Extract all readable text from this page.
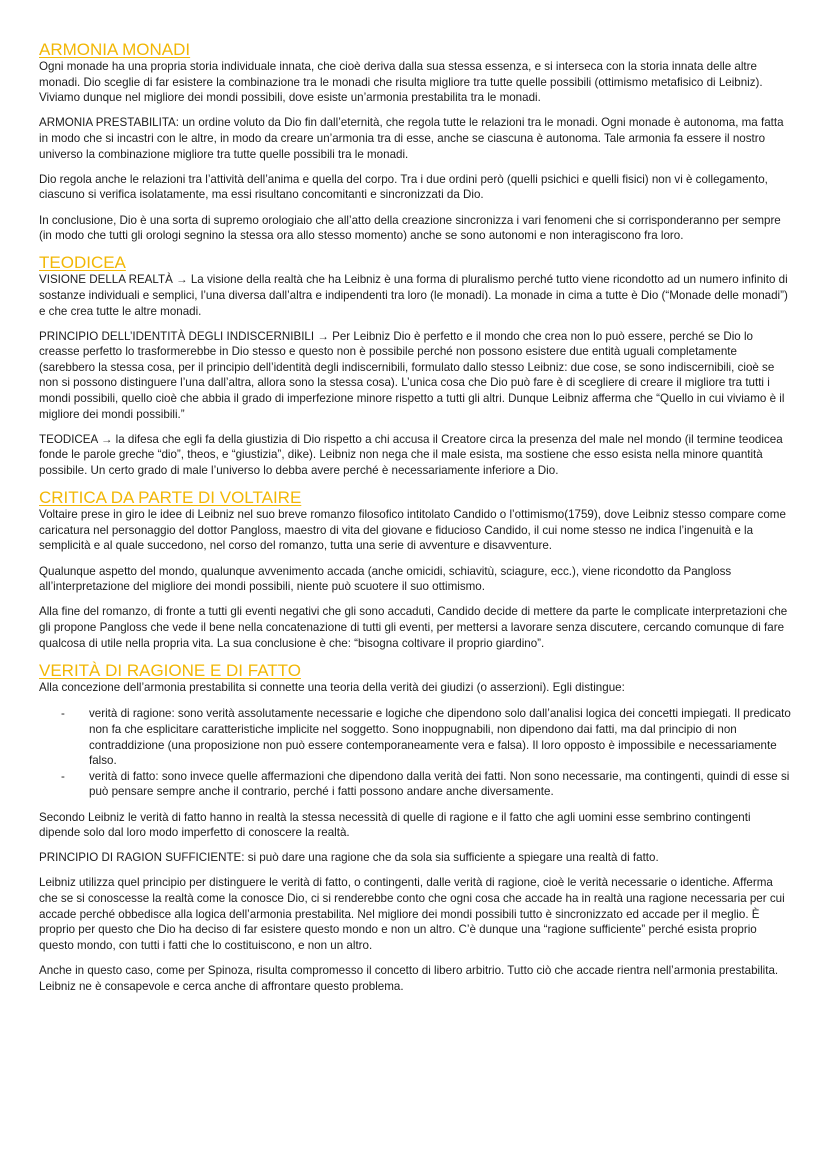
ARMONIA MONADI

Ogni monade ha una propria storia individuale innata, che cioè deriva dalla sua stessa essenza, e si interseca con la storia innata delle altre monadi. Dio sceglie di far esistere la combinazione tra le monadi che risulta migliore tra tutte quelle possibili (ottimismo metafisico di Leibniz). Viviamo dunque nel migliore dei mondi possibili, dove esiste un’armonia prestabilita tra le monadi.

ARMONIA PRESTABILITA: un ordine voluto da Dio fin dall’eternità, che regola tutte le relazioni tra le monadi. Ogni monade è autonoma, ma fatta in modo che si incastri con le altre, in modo da creare un’armonia tra di esse, anche se ciascuna è autonoma. Tale armonia fa essere il nostro universo la combinazione migliore tra tutte quelle possibili tra le monadi.

Dio regola anche le relazioni tra l’attività dell’anima e quella del corpo. Tra i due ordini però (quelli psichici e quelli fisici) non vi è collegamento, ciascuno si verifica isolatamente, ma essi risultano concomitanti e sincronizzati da Dio.

In conclusione, Dio è una sorta di supremo orologiaio che all’atto della creazione sincronizza i vari fenomeni che si corrisponderanno per sempre (in modo che tutti gli orologi segnino la stessa ora allo stesso momento) anche se sono autonomi e non interagiscono fra loro.

TEODICEA

VISIONE DELLA REALTÀ → La visione della realtà che ha Leibniz è una forma di pluralismo perché tutto viene ricondotto ad un numero infinito di sostanze individuali e semplici, l’una diversa dall’altra e indipendenti tra loro (le monadi). La monade in cima a tutte è Dio (“Monade delle monadi”) e che crea tutte le altre monadi.

PRINCIPIO DELL’IDENTITÀ DEGLI INDISCERNIBILI → Per Leibniz Dio è perfetto e il mondo che crea non lo può essere, perché se Dio lo creasse perfetto lo trasformerebbe in Dio stesso e questo non è possibile perché non possono esistere due entità uguali completamente (sarebbero la stessa cosa, per il principio dell’identità degli indiscernibili, formulato dallo stesso Leibniz: due cose, se sono indiscernibili, cioè se non si possono distinguere l’una dall’altra, allora sono la stessa cosa). L’unica cosa che Dio può fare è di scegliere di creare il migliore tra tutti i mondi possibili, quello cioè che abbia il grado di imperfezione minore rispetto a tutti gli altri. Dunque Leibniz afferma che “Quello in cui viviamo è il migliore dei mondi possibili.”

TEODICEA → la difesa che egli fa della giustizia di Dio rispetto a chi accusa il Creatore circa la presenza del male nel mondo (il termine teodicea fonde le parole greche “dio”, theos, e “giustizia”, dike). Leibniz non nega che il male esista, ma sostiene che esso esista nella minore quantità possibile. Un certo grado di male l’universo lo debba avere perché è necessariamente inferiore a Dio.

CRITICA DA PARTE DI VOLTAIRE

Voltaire prese in giro le idee di Leibniz nel suo breve romanzo filosofico intitolato Candido o l’ottimismo(1759), dove Leibniz stesso compare come caricatura nel personaggio del dottor Pangloss, maestro di vita del giovane e fiducioso Candido, il cui nome stesso ne indica l’ingenuità e la semplicità e al quale succedono, nel corso del romanzo, tutta una serie di avventure e disavventure.

Qualunque aspetto del mondo, qualunque avvenimento accada (anche omicidi, schiavitù, sciagure, ecc.), viene ricondotto da Pangloss all’interpretazione del migliore dei mondi possibili, niente può scuotere il suo ottimismo.

Alla fine del romanzo, di fronte a tutti gli eventi negativi che gli sono accaduti, Candido decide di mettere da parte le complicate interpretazioni che gli propone Pangloss che vede il bene nella concatenazione di tutti gli eventi, per mettersi a lavorare senza discutere, cercando comunque di fare qualcosa di utile nella propria vita. La sua conclusione è che: “bisogna coltivare il proprio giardino”.

VERITÀ DI RAGIONE E DI FATTO

Alla concezione dell’armonia prestabilita si connette una teoria della verità dei giudizi (o asserzioni). Egli distingue:

- verità di ragione: sono verità assolutamente necessarie e logiche che dipendono solo dall’analisi logica dei concetti impiegati. Il predicato non fa che esplicitare caratteristiche implicite nel soggetto. Sono inoppugnabili, non dipendono dai fatti, ma dal principio di non contraddizione (una proposizione non può essere contemporaneamente vera e falsa). Il loro opposto è impossibile e necessariamente falso.
- verità di fatto: sono invece quelle affermazioni che dipendono dalla verità dei fatti. Non sono necessarie, ma contingenti, quindi di esse si può pensare sempre anche il contrario, perché i fatti possono andare anche diversamente.

Secondo Leibniz le verità di fatto hanno in realtà la stessa necessità di quelle di ragione e il fatto che agli uomini esse sembrino contingenti dipende solo dal loro modo imperfetto di conoscere la realtà.

PRINCIPIO DI RAGION SUFFICIENTE: si può dare una ragione che da sola sia sufficiente a spiegare una realtà di fatto.

Leibniz utilizza quel principio per distinguere le verità di fatto, o contingenti, dalle verità di ragione, cioè le verità necessarie o identiche. Afferma che se si conoscesse la realtà come la conosce Dio, ci si renderebbe conto che ogni cosa che accade ha in realtà una ragione necessaria per cui accade perché obbedisce alla logica dell’armonia prestabilita. Nel migliore dei mondi possibili tutto è sincronizzato ed accade per il meglio. È proprio per questo che Dio ha deciso di far esistere questo mondo e non un altro. C’è dunque una “ragione sufficiente” perché esista proprio questo mondo, con tutti i fatti che lo costituiscono, e non un altro.

Anche in questo caso, come per Spinoza, risulta compromesso il concetto di libero arbitrio. Tutto ciò che accade rientra nell’armonia prestabilita. Leibniz ne è consapevole e cerca anche di affrontare questo problema.
